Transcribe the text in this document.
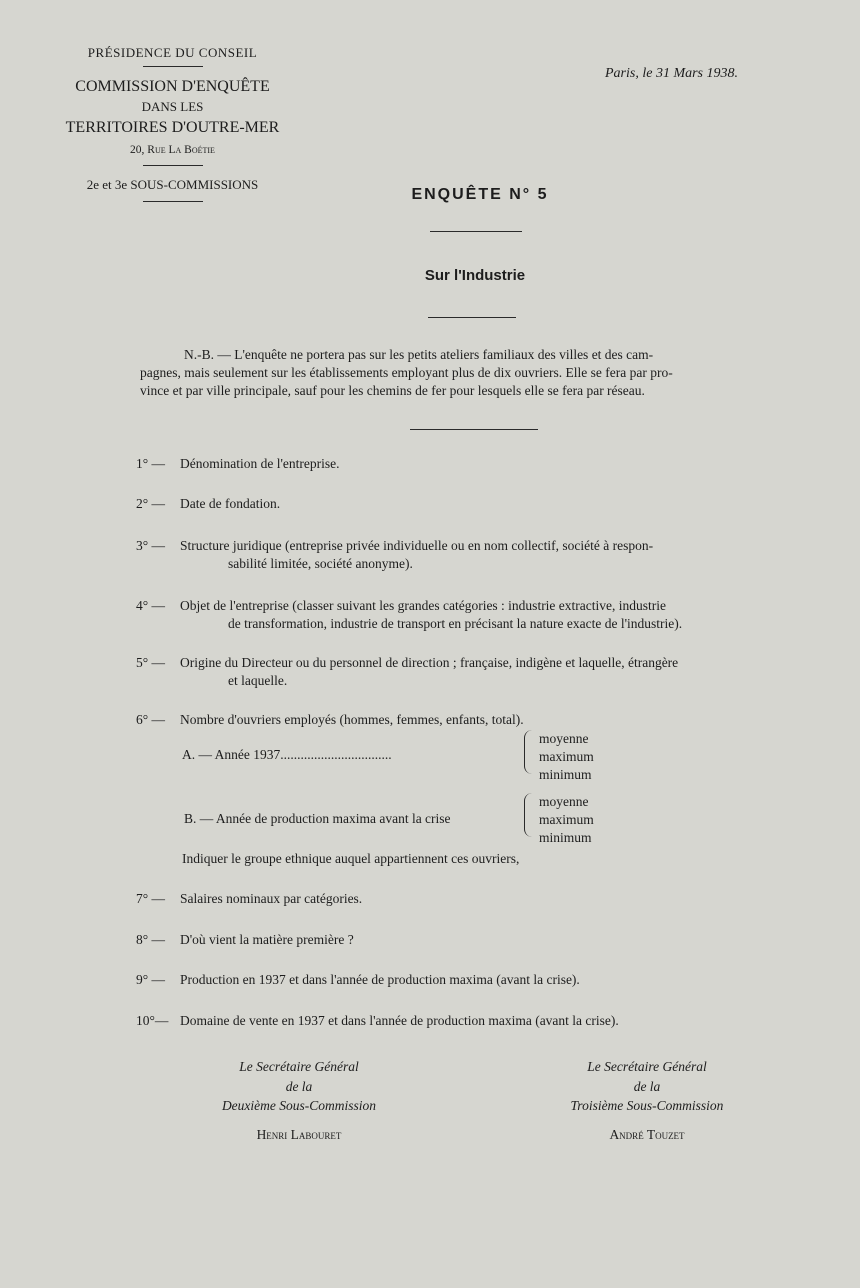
PRÉSIDENCE DU CONSEIL
COMMISSION D'ENQUÊTE
DANS LES
TERRITOIRES D'OUTRE-MER
20, Rue La Boétie
2e et 3e SOUS-COMMISSIONS
Paris, le 31 Mars 1938.
ENQUÊTE N° 5
Sur l'Industrie
N.-B. — L'enquête ne portera pas sur les petits ateliers familiaux des villes et des cam-
pagnes, mais seulement sur les établissements employant plus de dix ouvriers. Elle se fera par pro-
vince et par ville principale, sauf pour les chemins de fer pour lesquels elle se fera par réseau.
1° — Dénomination de l'entreprise.
2° — Date de fondation.
3° — Structure juridique (entreprise privée individuelle ou en nom collectif, société à respon-
sabilité limitée, société anonyme).
4° — Objet de l'entreprise (classer suivant les grandes catégories : industrie extractive, industrie
de transformation, industrie de transport en précisant la nature exacte de l'industrie).
5° — Origine du Directeur ou du personnel de direction ; française, indigène et laquelle, étrangère
et laquelle.
6° — Nombre d'ouvriers employés (hommes, femmes, enfants, total).
A. — Année 1937.................................
moyenne
maximum
minimum
B. — Année de production maxima avant la crise
moyenne
maximum
minimum
Indiquer le groupe ethnique auquel appartiennent ces ouvriers,
7° — Salaires nominaux par catégories.
8° — D'où vient la matière première ?
9° — Production en 1937 et dans l'année de production maxima (avant la crise).
10°— Domaine de vente en 1937 et dans l'année de production maxima (avant la crise).
Le Secrétaire Général
de la
Deuxième Sous-Commission
Henri Labouret
Le Secrétaire Général
de la
Troisième Sous-Commission
André Touzet
